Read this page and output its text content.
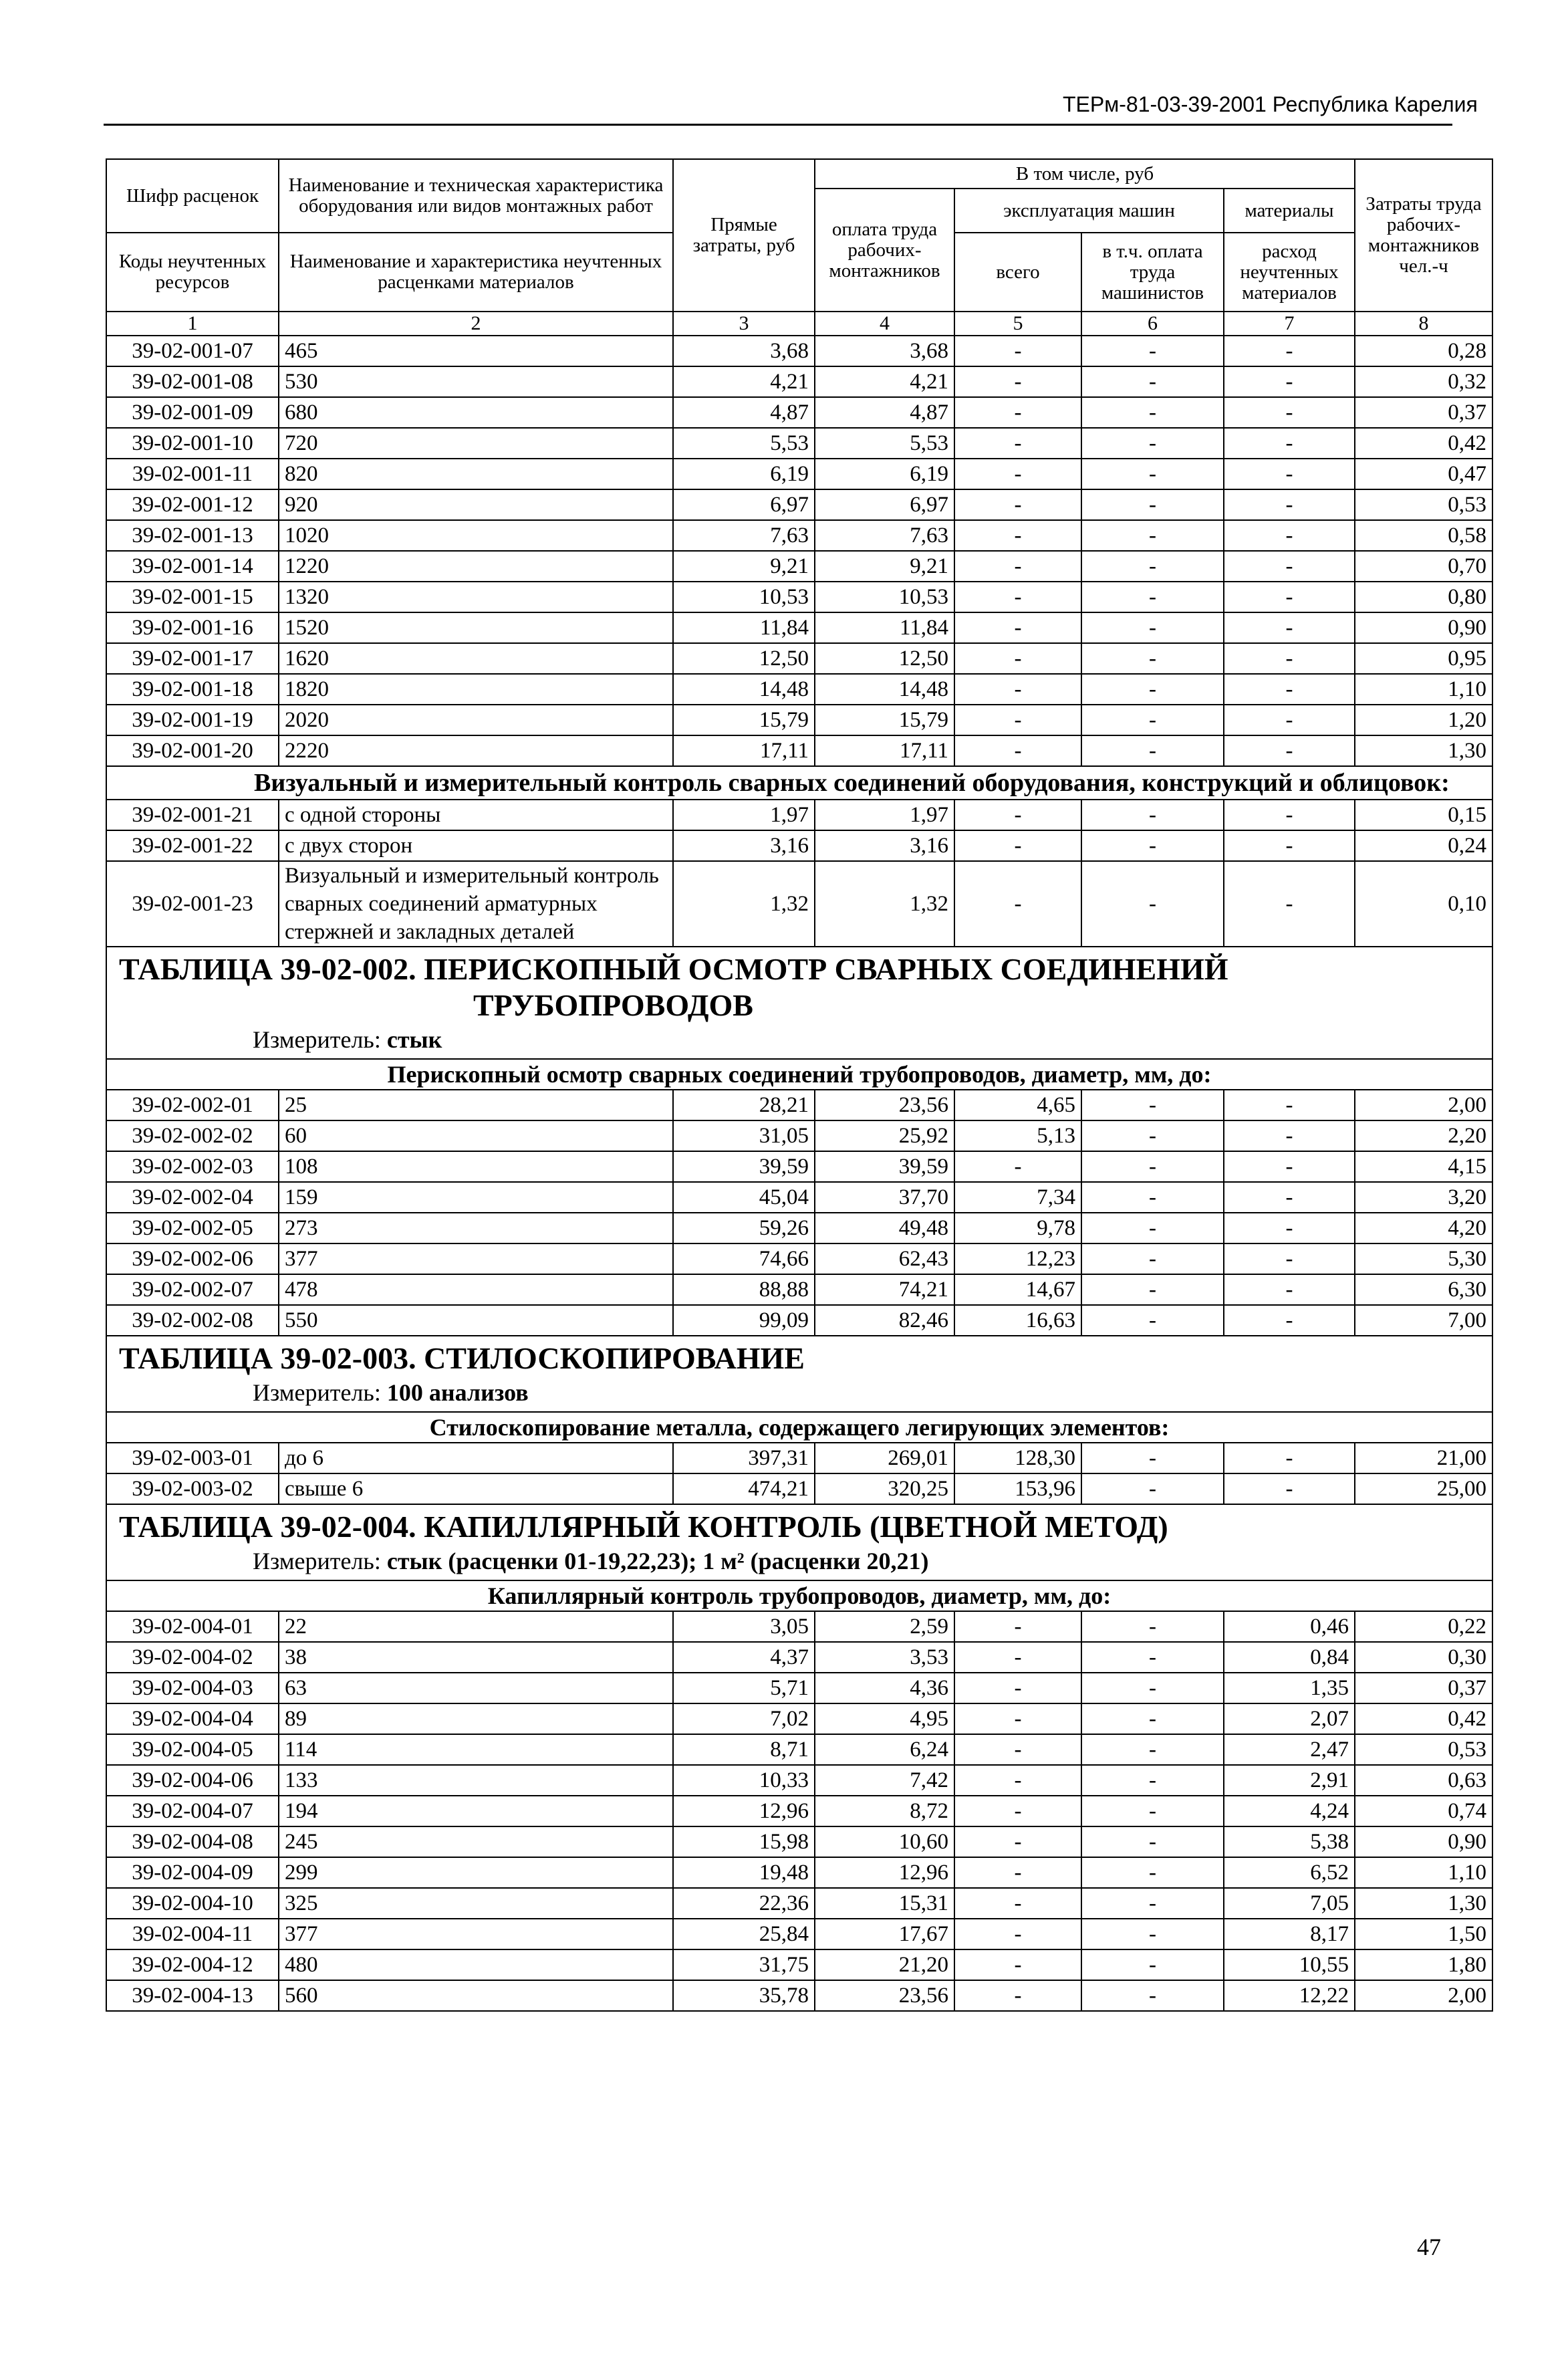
ТЕРм-81-03-39-2001 Республика Карелия
Шифр расценок	Наименование и техническая характеристика оборудования или видов монтажных работ	Прямые затраты, руб	В том числе, руб				Затраты труда рабочих-монтажников чел.-ч
			оплата труда рабочих-монтажников	эксплуатация машин		материалы	
Коды неучтенных ресурсов	Наименование и характеристика неучтенных расценками материалов			всего	в т.ч. оплата труда машинистов	расход неучтенных материалов	

1	2	3	4	5	6	7	8
39-02-001-07	465	3,68	3,68	-	-	-	0,28
39-02-001-08	530	4,21	4,21	-	-	-	0,32
39-02-001-09	680	4,87	4,87	-	-	-	0,37
39-02-001-10	720	5,53	5,53	-	-	-	0,42
39-02-001-11	820	6,19	6,19	-	-	-	0,47
39-02-001-12	920	6,97	6,97	-	-	-	0,53
39-02-001-13	1020	7,63	7,63	-	-	-	0,58
39-02-001-14	1220	9,21	9,21	-	-	-	0,70
39-02-001-15	1320	10,53	10,53	-	-	-	0,80
39-02-001-16	1520	11,84	11,84	-	-	-	0,90
39-02-001-17	1620	12,50	12,50	-	-	-	0,95
39-02-001-18	1820	14,48	14,48	-	-	-	1,10
39-02-001-19	2020	15,79	15,79	-	-	-	1,20
39-02-001-20	2220	17,11	17,11	-	-	-	1,30
Визуальный и измерительный контроль сварных соединений оборудования, конструкций и облицовок:							
39-02-001-21	с одной стороны	1,97	1,97	-	-	-	0,15
39-02-001-22	с двух сторон	3,16	3,16	-	-	-	0,24
39-02-001-23	Визуальный и измерительный контроль сварных соединений арматурных стержней и закладных деталей	1,32	1,32	-	-	-	0,10

ТАБЛИЦА 39-02-002. ПЕРИСКОПНЫЙ ОСМОТР СВАРНЫХ СОЕДИНЕНИЙ
ТРУБОПРОВОДОВ
Измеритель: стык							

Перископный осмотр сварных соединений трубопроводов, диаметр, мм, до:							
39-02-002-01	25	28,21	23,56	4,65	-	-	2,00
39-02-002-02	60	31,05	25,92	5,13	-	-	2,20
39-02-002-03	108	39,59	39,59	-	-	-	4,15
39-02-002-04	159	45,04	37,70	7,34	-	-	3,20
39-02-002-05	273	59,26	49,48	9,78	-	-	4,20
39-02-002-06	377	74,66	62,43	12,23	-	-	5,30
39-02-002-07	478	88,88	74,21	14,67	-	-	6,30
39-02-002-08	550	99,09	82,46	16,63	-	-	7,00

ТАБЛИЦА 39-02-003. СТИЛОСКОПИРОВАНИЕ
Измеритель: 100 анализов							

Стилоскопирование металла, содержащего легирующих элементов:							
39-02-003-01	до 6	397,31	269,01	128,30	-	-	21,00
39-02-003-02	свыше 6	474,21	320,25	153,96	-	-	25,00

ТАБЛИЦА 39-02-004. КАПИЛЛЯРНЫЙ КОНТРОЛЬ (ЦВЕТНОЙ МЕТОД)
Измеритель: стык (расценки 01-19,22,23); 1 м² (расценки 20,21)							

Капиллярный контроль трубопроводов, диаметр, мм, до:							
39-02-004-01	22	3,05	2,59	-	-	0,46	0,22
39-02-004-02	38	4,37	3,53	-	-	0,84	0,30
39-02-004-03	63	5,71	4,36	-	-	1,35	0,37
39-02-004-04	89	7,02	4,95	-	-	2,07	0,42
39-02-004-05	114	8,71	6,24	-	-	2,47	0,53
39-02-004-06	133	10,33	7,42	-	-	2,91	0,63
39-02-004-07	194	12,96	8,72	-	-	4,24	0,74
39-02-004-08	245	15,98	10,60	-	-	5,38	0,90
39-02-004-09	299	19,48	12,96	-	-	6,52	1,10
39-02-004-10	325	22,36	15,31	-	-	7,05	1,30
39-02-004-11	377	25,84	17,67	-	-	8,17	1,50
39-02-004-12	480	31,75	21,20	-	-	10,55	1,80
39-02-004-13	560	35,78	23,56	-	-	12,22	2,00
47
